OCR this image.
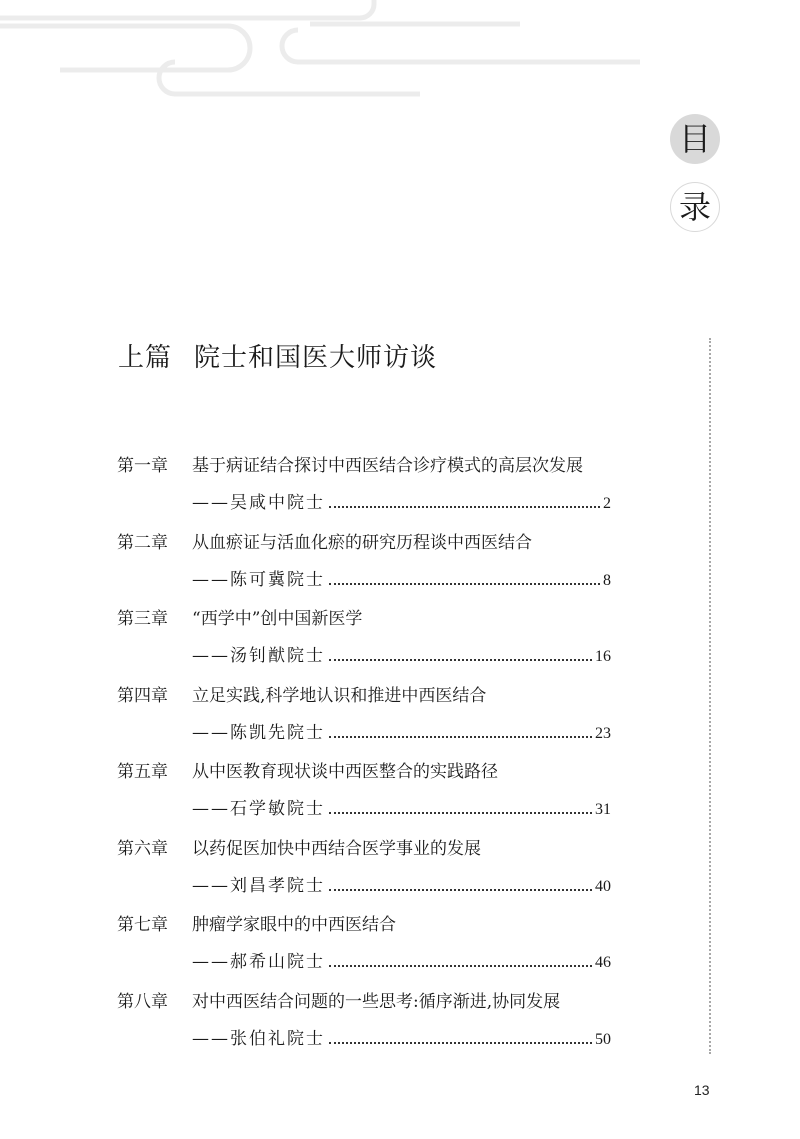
目
录
上篇 院士和国医大师访谈
第一章	基于病证结合探讨中西医结合诊疗模式的高层次发展
——吴咸中院士	2
第二章	从血瘀证与活血化瘀的研究历程谈中西医结合
——陈可冀院士	8
第三章	“西学中”创中国新医学
——汤钊猷院士	16
第四章	立足实践,科学地认识和推进中西医结合
——陈凯先院士	23
第五章	从中医教育现状谈中西医整合的实践路径
——石学敏院士	31
第六章	以药促医加快中西结合医学事业的发展
——刘昌孝院士	40
第七章	肿瘤学家眼中的中西医结合
——郝希山院士	46
第八章	对中西医结合问题的一些思考:循序渐进,协同发展
——张伯礼院士	50
13
